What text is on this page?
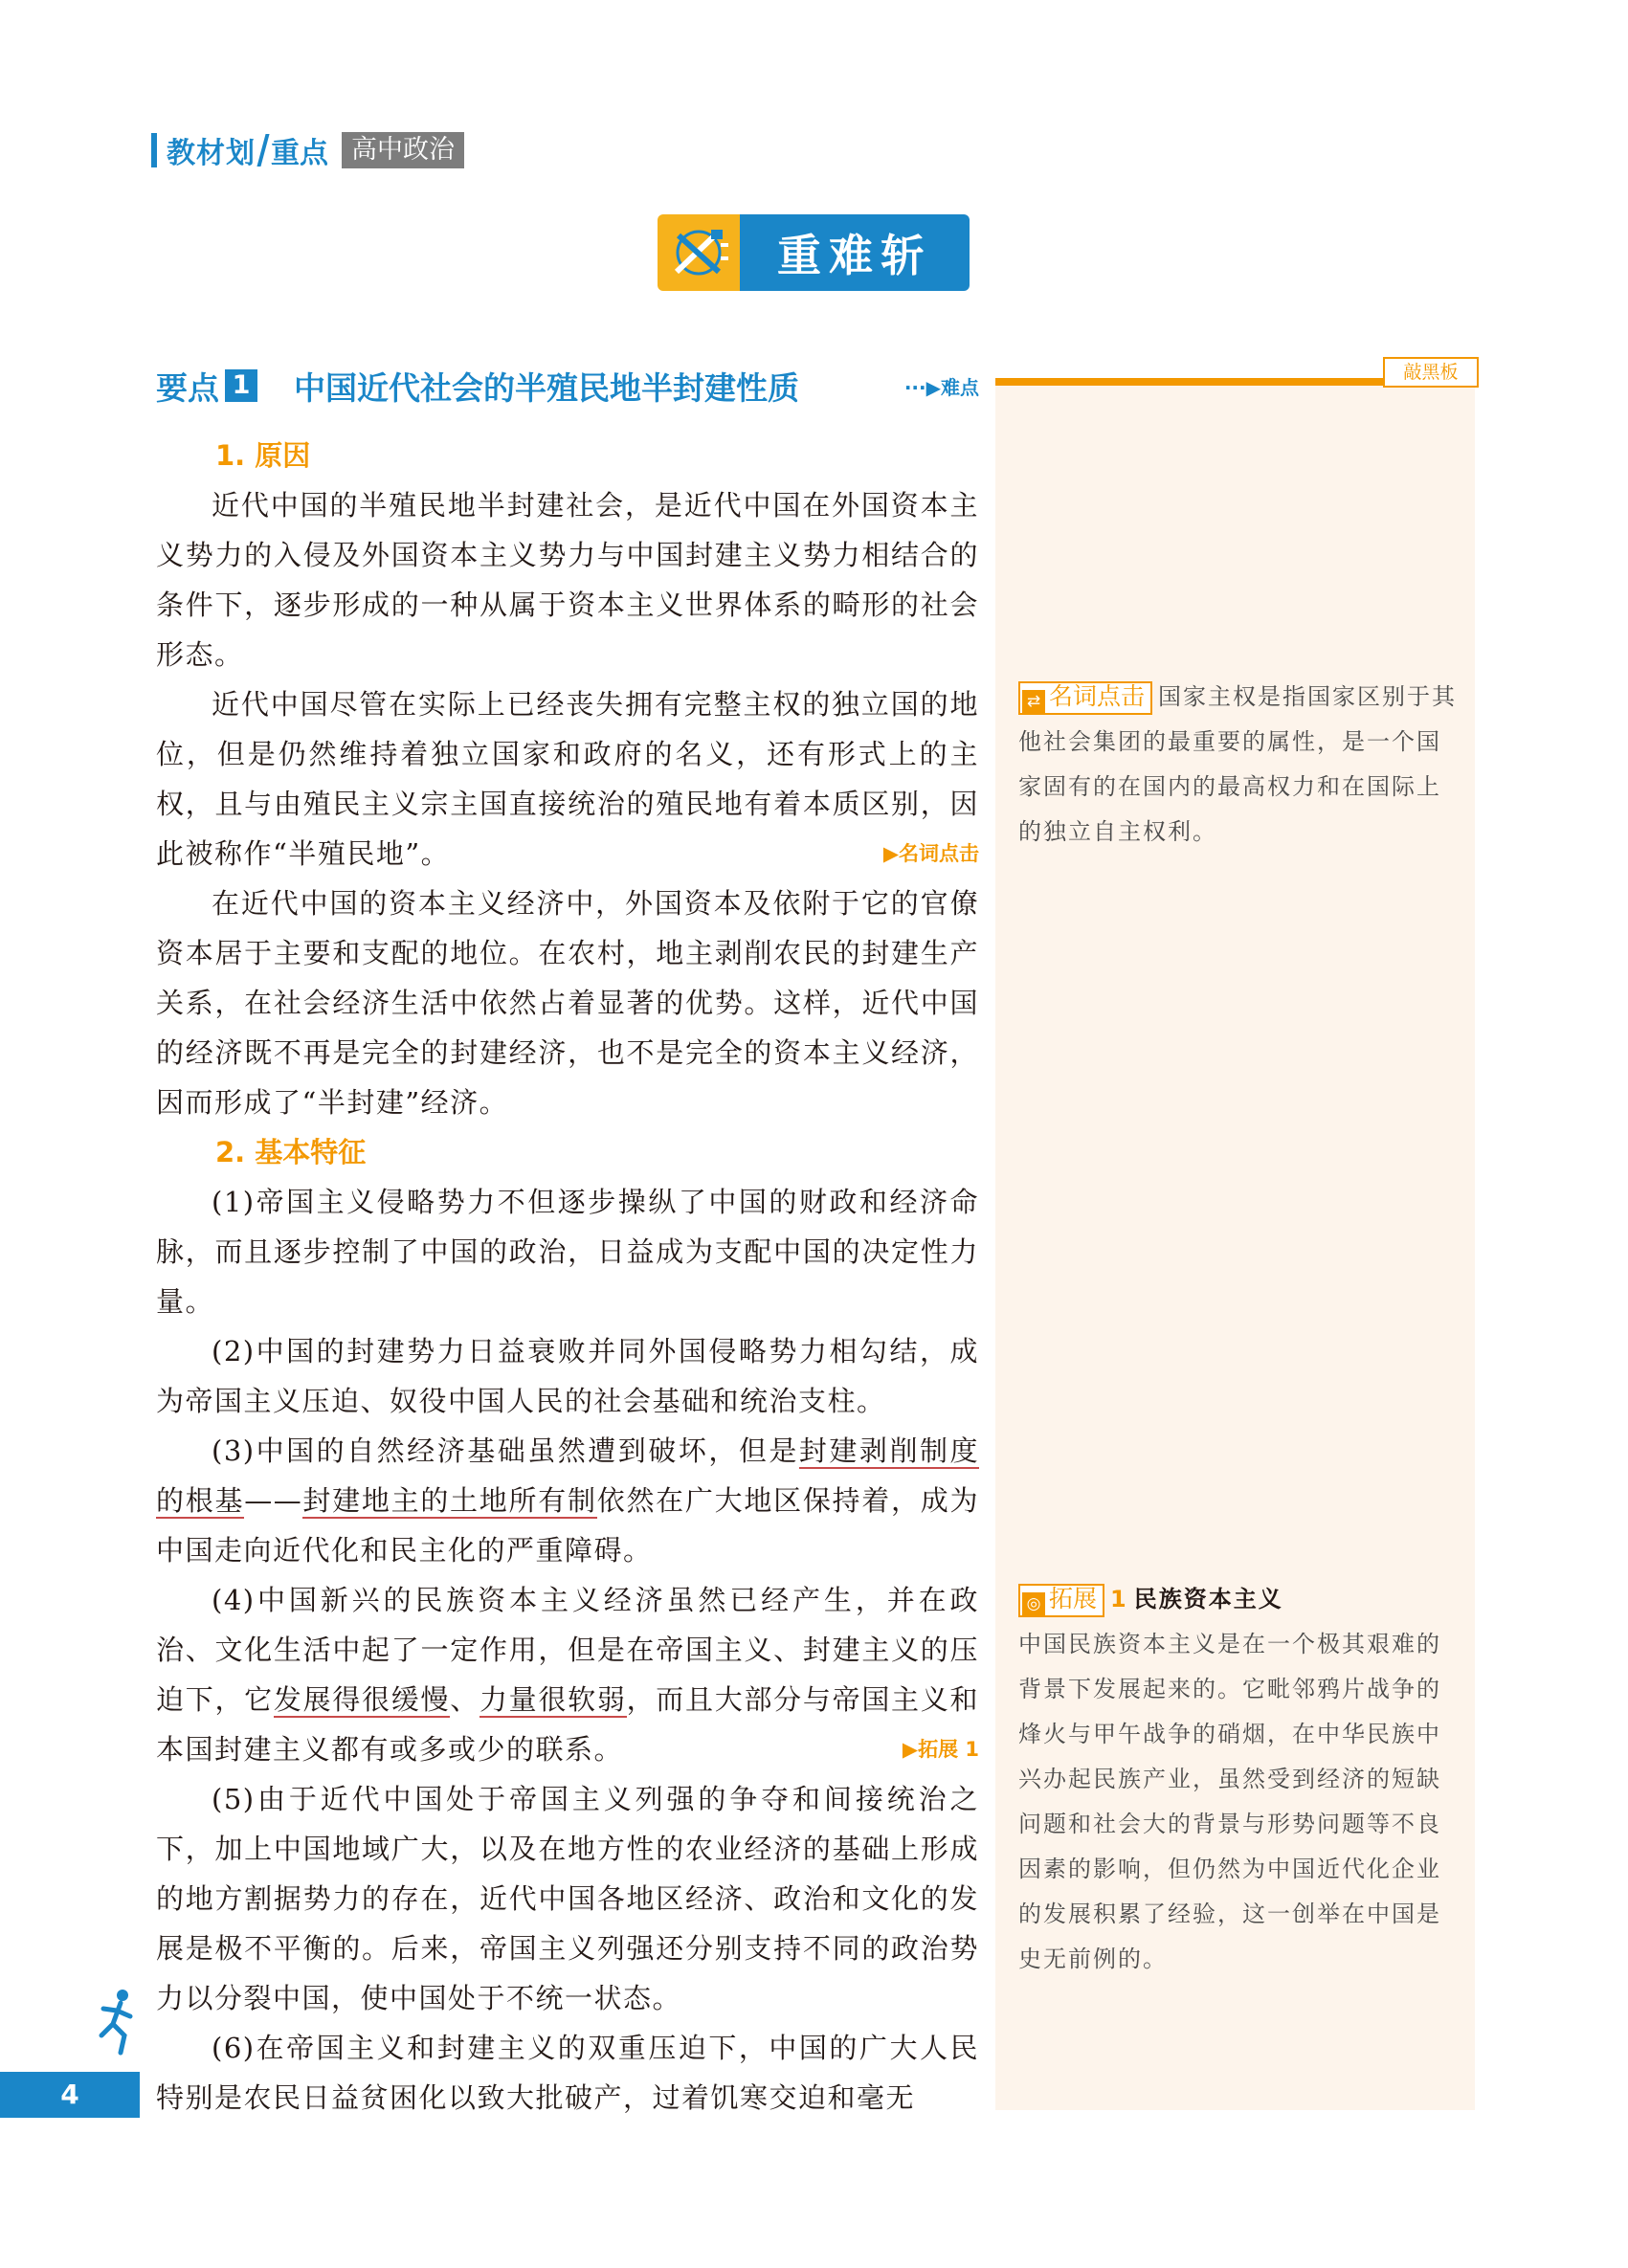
教材划 重点 高中政治
重难斩
要点 1 中国近代社会的半殖民地半封建性质	···▶难点
敲黑板
1. 原因

近代中国的半殖民地半封建社会，是近代中国在外国资本主义势力的入侵及外国资本主义势力与中国封建主义势力相结合的条件下，逐步形成的一种从属于资本主义世界体系的畸形的社会形态。

近代中国尽管在实际上已经丧失拥有完整主权的独立国的地位，但是仍然维持着独立国家和政府的名义，还有形式上的主权，且与由殖民主义宗主国直接统治的殖民地有着本质区别，因此被称作“半殖民地”。	▶名词点击

在近代中国的资本主义经济中，外国资本及依附于它的官僚资本居于主要和支配的地位。在农村，地主剥削农民的封建生产关系，在社会经济生活中依然占着显著的优势。这样，近代中国的经济既不再是完全的封建经济，也不是完全的资本主义经济，因而形成了“半封建”经济。

2. 基本特征

(1)帝国主义侵略势力不但逐步操纵了中国的财政和经济命脉，而且逐步控制了中国的政治，日益成为支配中国的决定性力量。

(2)中国的封建势力日益衰败并同外国侵略势力相勾结，成为帝国主义压迫、奴役中国人民的社会基础和统治支柱。

(3)中国的自然经济基础虽然遭到破坏，但是封建剥削制度的根基——封建地主的土地所有制依然在广大地区保持着，成为中国走向近代化和民主化的严重障碍。

(4)中国新兴的民族资本主义经济虽然已经产生，并在政治、文化生活中起了一定作用，但是在帝国主义、封建主义的压迫下，它发展得很缓慢、力量很软弱，而且大部分与帝国主义和本国封建主义都有或多或少的联系。	▶拓展 1

(5)由于近代中国处于帝国主义列强的争夺和间接统治之下，加上中国地域广大，以及在地方性的农业经济的基础上形成的地方割据势力的存在，近代中国各地区经济、政治和文化的发展是极不平衡的。后来，帝国主义列强还分别支持不同的政治势力以分裂中国，使中国处于不统一状态。

(6)在帝国主义和封建主义的双重压迫下，中国的广大人民特别是农民日益贫困化以致大批破产，过着饥寒交迫和毫无

⇄ 名词点击 国家主权是指国家区别于其他社会集团的最重要的属性，是一个国家固有的在国内的最高权力和在国际上的独立自主权利。
◎ 拓展 1 民族资本主义
中国民族资本主义是在一个极其艰难的背景下发展起来的。它毗邻鸦片战争的烽火与甲午战争的硝烟，在中华民族中兴办起民族产业，虽然受到经济的短缺问题和社会大的背景与形势问题等不良因素的影响，但仍然为中国近代化企业的发展积累了经验，这一创举在中国是史无前例的。
4
